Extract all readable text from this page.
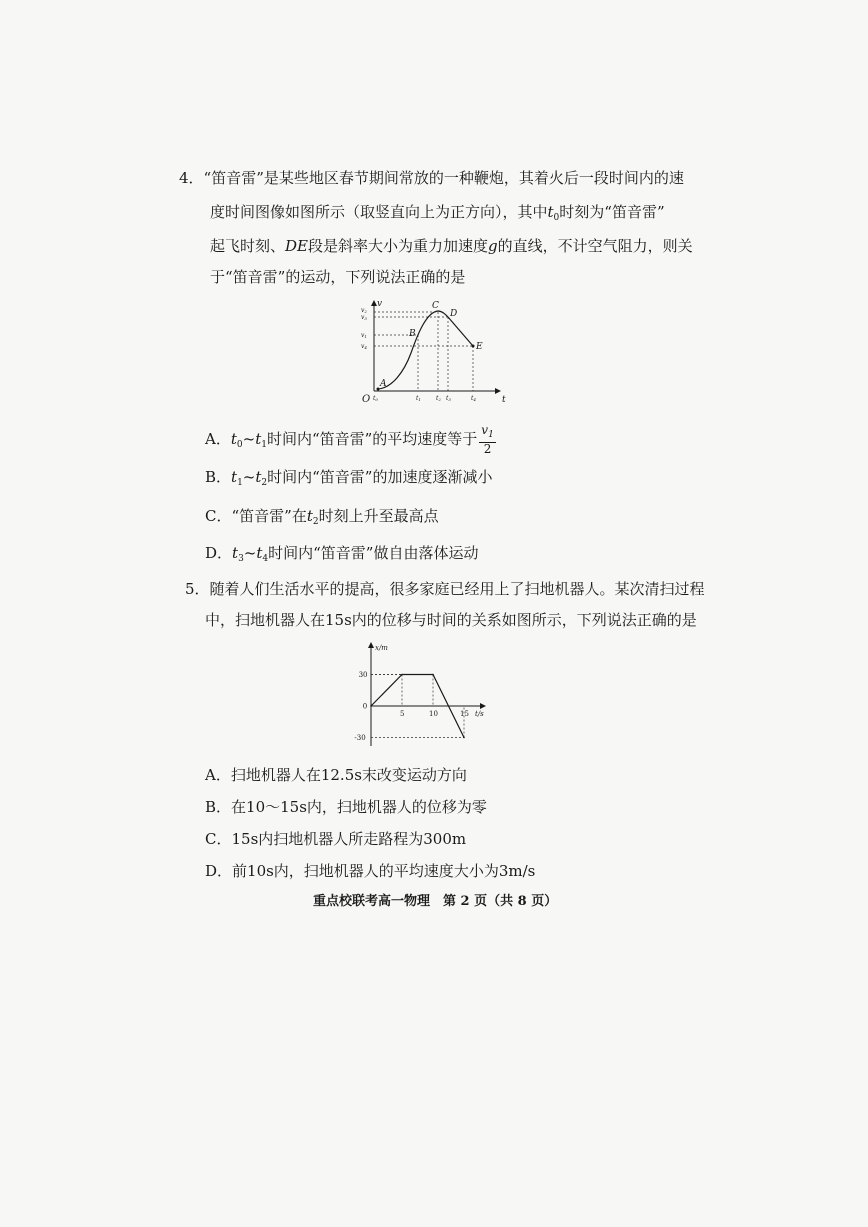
4．“笛音雷”是某些地区春节期间常放的一种鞭炮，其着火后一段时间内的速
度时间图像如图所示（取竖直向上为正方向），其中$t_0$时刻为“笛音雷”
起飞时刻、DE段是斜率大小为重力加速度g的直线，不计空气阻力，则关
于“笛音雷”的运动，下列说法正确的是
v
t
O
A
B
C
D
E
v2
v3
v1
v4
t0	t1	t2 t3	t4
A．$t_0\sim t_1$时间内“笛音雷”的平均速度等于 $\frac{v_1}{2}$
B．$t_1\sim t_2$时间内“笛音雷”的加速度逐渐减小
C．“笛音雷”在$t_2$时刻上升至最高点
D．$t_3\sim t_4$时间内“笛音雷”做自由落体运动
5．随着人们生活水平的提高，很多家庭已经用上了扫地机器人。某次清扫过程
中，扫地机器人在15s内的位移与时间的关系如图所示，下列说法正确的是
x/m
t/s
5	10	15
30
0
-30
A．扫地机器人在12.5s末改变运动方向
B．在10～15s内，扫地机器人的位移为零
C．15s内扫地机器人所走路程为300m
D．前10s内，扫地机器人的平均速度大小为3m/s
重点校联考高一物理　第 2 页（共 8 页）
